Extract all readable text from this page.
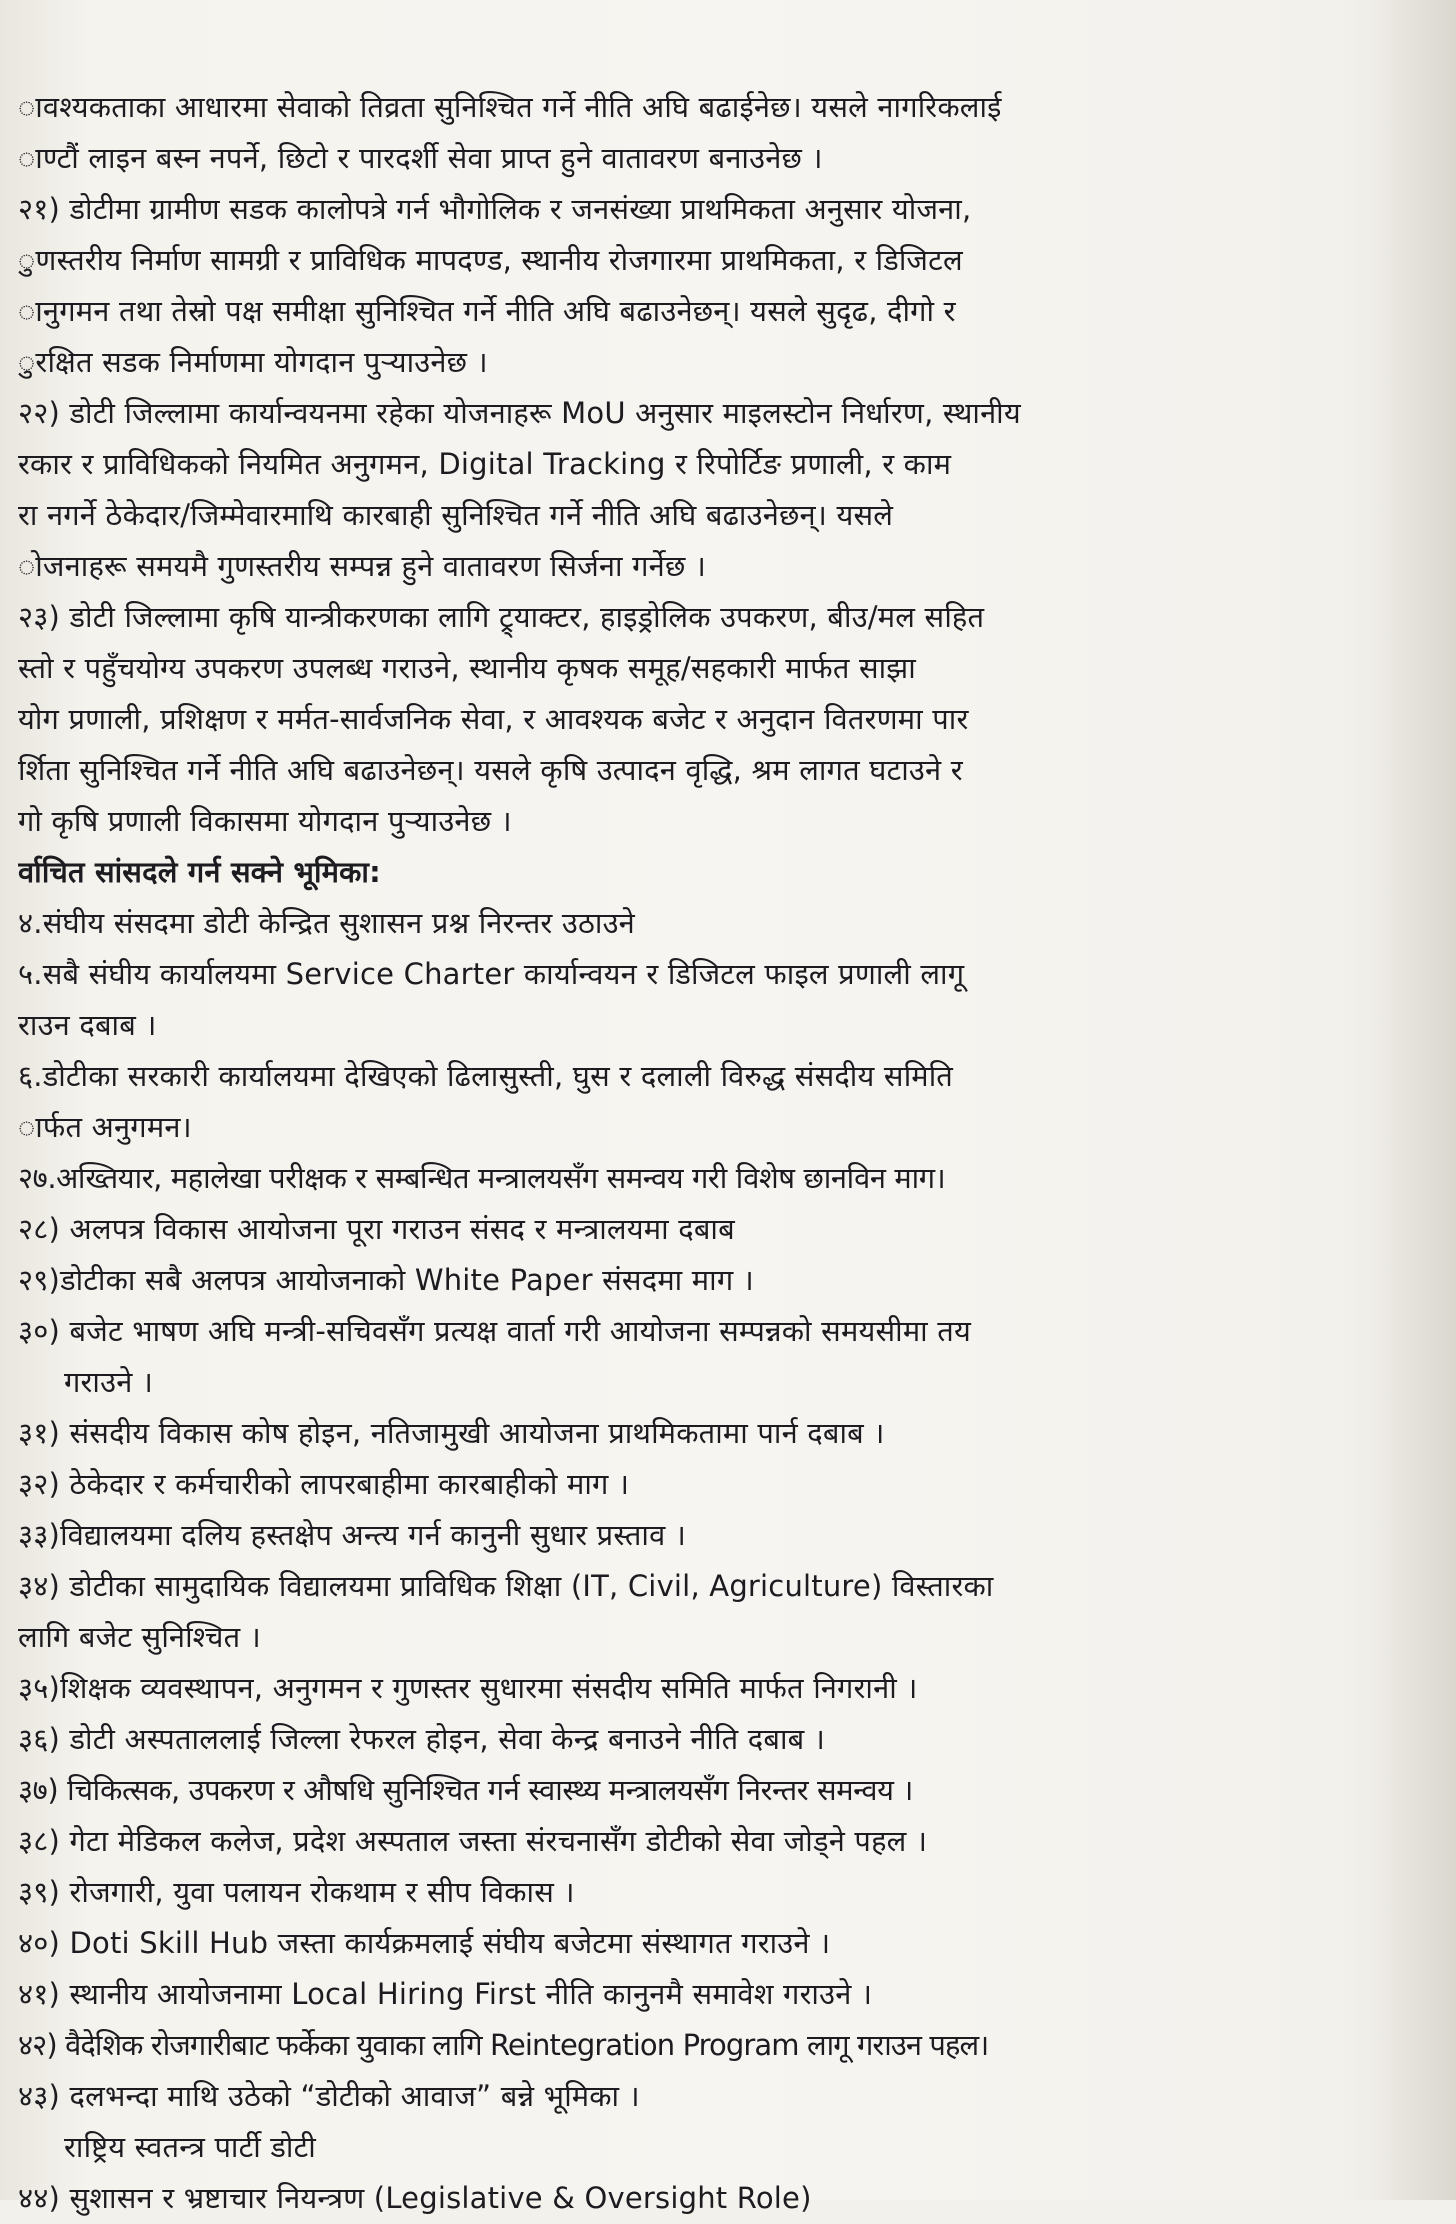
ावश्यकताका आधारमा सेवाको तिव्रता सुनिश्चित गर्ने नीति अघि बढाईनेछ। यसले नागरिकलाई

ाण्टौं लाइन बस्न नपर्ने, छिटो र पारदर्शी सेवा प्राप्त हुने वातावरण बनाउनेछ ।

२१) डोटीमा ग्रामीण सडक कालोपत्रे गर्न भौगोलिक र जनसंख्या प्राथमिकता अनुसार योजना,

ुणस्तरीय निर्माण सामग्री र प्राविधिक मापदण्ड, स्थानीय रोजगारमा प्राथमिकता, र डिजिटल

ानुगमन तथा तेस्रो पक्ष समीक्षा सुनिश्चित गर्ने नीति अघि बढाउनेछन्। यसले सुदृढ, दीगो र

ुरक्षित सडक निर्माणमा योगदान पुऱ्याउनेछ ।

२२) डोटी जिल्लामा कार्यान्वयनमा रहेका योजनाहरू MoU अनुसार माइलस्टोन निर्धारण, स्थानीय

रकार र प्राविधिकको नियमित अनुगमन, Digital Tracking र रिपोर्टिङ प्रणाली, र काम

रा नगर्ने ठेकेदार/जिम्मेवारमाथि कारबाही सुनिश्चित गर्ने नीति अघि बढाउनेछन्। यसले

ोजनाहरू समयमै गुणस्तरीय सम्पन्न हुने वातावरण सिर्जना गर्नेछ ।

२३) डोटी जिल्लामा कृषि यान्त्रीकरणका लागि ट्र्याक्टर, हाइड्रोलिक उपकरण, बीउ/मल सहित

स्तो र पहुँचयोग्य उपकरण उपलब्ध गराउने, स्थानीय कृषक समूह/सहकारी मार्फत साझा

योग प्रणाली, प्रशिक्षण र मर्मत-सार्वजनिक सेवा, र आवश्यक बजेट र अनुदान वितरणमा पार

र्शिता सुनिश्चित गर्ने नीति अघि बढाउनेछन्। यसले कृषि उत्पादन वृद्धि, श्रम लागत घटाउने र

गो कृषि प्रणाली विकासमा योगदान पुऱ्याउनेछ ।

र्वाचित सांसदले गर्न सक्ने भूमिका:

४.संघीय संसदमा डोटी केन्द्रित सुशासन प्रश्न निरन्तर उठाउने

५.सबै संघीय कार्यालयमा Service Charter कार्यान्वयन र डिजिटल फाइल प्रणाली लागू

राउन दबाब ।

६.डोटीका सरकारी कार्यालयमा देखिएको ढिलासुस्ती, घुस र दलाली विरुद्ध संसदीय समिति

ार्फत अनुगमन।

२७.अख्तियार, महालेखा परीक्षक र सम्बन्धित मन्त्रालयसँग समन्वय गरी विशेष छानविन माग।

२८) अलपत्र विकास आयोजना पूरा गराउन संसद र मन्त्रालयमा दबाब

२९)डोटीका सबै अलपत्र आयोजनाको White Paper संसदमा माग ।

३०) बजेट भाषण अघि मन्त्री-सचिवसँग प्रत्यक्ष वार्ता गरी आयोजना सम्पन्नको समयसीमा तय

गराउने ।

३१) संसदीय विकास कोष होइन, नतिजामुखी आयोजना प्राथमिकतामा पार्न दबाब ।

३२) ठेकेदार र कर्मचारीको लापरबाहीमा कारबाहीको माग ।

३३)विद्यालयमा दलिय हस्तक्षेप अन्त्य गर्न कानुनी सुधार प्रस्ताव ।

३४) डोटीका सामुदायिक विद्यालयमा प्राविधिक शिक्षा (IT, Civil, Agriculture) विस्तारका

लागि बजेट सुनिश्चित ।

३५)शिक्षक व्यवस्थापन, अनुगमन र गुणस्तर सुधारमा संसदीय समिति मार्फत निगरानी ।

३६) डोटी अस्पताललाई जिल्ला रेफरल होइन, सेवा केन्द्र बनाउने नीति दबाब ।

३७) चिकित्सक, उपकरण र औषधि सुनिश्चित गर्न स्वास्थ्य मन्त्रालयसँग निरन्तर समन्वय ।

३८) गेटा मेडिकल कलेज, प्रदेश अस्पताल जस्ता संरचनासँग डोटीको सेवा जोड्ने पहल ।

३९) रोजगारी, युवा पलायन रोकथाम र सीप विकास ।

४०) Doti Skill Hub जस्ता कार्यक्रमलाई संघीय बजेटमा संस्थागत गराउने ।

४१) स्थानीय आयोजनामा Local Hiring First नीति कानुनमै समावेश गराउने ।

४२) वैदेशिक रोजगारीबाट फर्केका युवाका लागि Reintegration Program लागू गराउन पहल।

४३) दलभन्दा माथि उठेको “डोटीको आवाज” बन्ने भूमिका ।

राष्ट्रिय स्वतन्त्र पार्टी डोटी

४४) सुशासन र भ्रष्टाचार नियन्त्रण (Legislative & Oversight Role)
